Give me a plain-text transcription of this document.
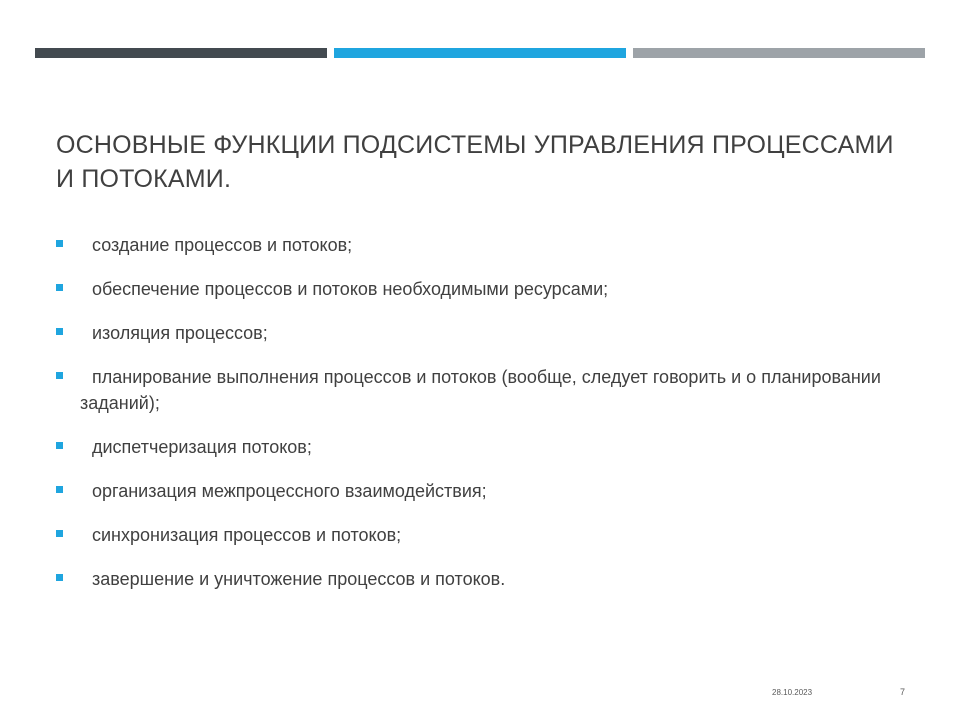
ОСНОВНЫЕ ФУНКЦИИ ПОДСИСТЕМЫ УПРАВЛЕНИЯ ПРОЦЕССАМИ И ПОТОКАМИ.
создание процессов и потоков;
обеспечение процессов и потоков необходимыми ресурсами;
изоляция процессов;
планирование выполнения процессов и потоков (вообще, следует говорить и о планировании заданий);
диспетчеризация потоков;
организация межпроцессного взаимодействия;
синхронизация процессов и потоков;
завершение и уничтожение процессов и потоков.
28.10.2023	7
